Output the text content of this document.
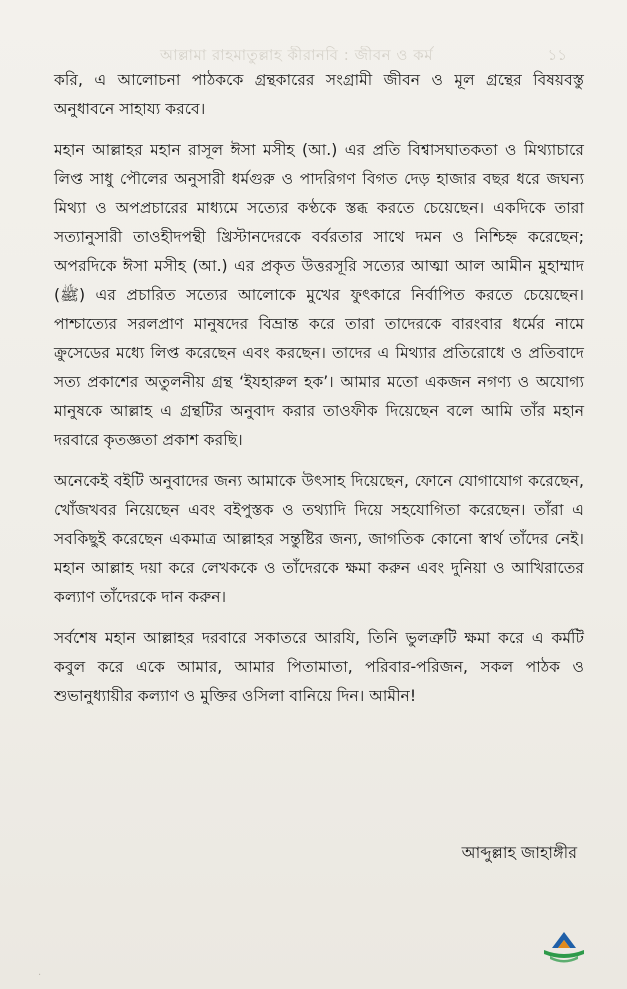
আল্লামা রাহমাতুল্লাহ কীরানবি : জীবন ও কর্ম	১১

করি, এ আলোচনা পাঠককে গ্রন্থকারের সংগ্রামী জীবন ও মূল গ্রন্থের বিষয়বস্তু অনুধাবনে সাহায্য করবে।

মহান আল্লাহর মহান রাসূল ঈসা মসীহ (আ.) এর প্রতি বিশ্বাসঘাতকতা ও মিথ্যাচারে লিপ্ত সাধু পৌলের অনুসারী ধর্মগুরু ও পাদরিগণ বিগত দেড় হাজার বছর ধরে জঘন্য মিথ্যা ও অপপ্রচারের মাধ্যমে সত্যের কণ্ঠকে স্তব্ধ করতে চেয়েছেন। একদিকে তারা সত্যানুসারী তাওহীদপন্থী খ্রিস্টানদেরকে বর্বরতার সাথে দমন ও নিশ্চিহ্ন করেছেন; অপরদিকে ঈসা মসীহ (আ.) এর প্রকৃত উত্তরসূরি সত্যের আত্মা আল আমীন মুহাম্মাদ (ﷺ) এর প্রচারিত সত্যের আলোকে মুখের ফুৎকারে নির্বাপিত করতে চেয়েছেন। পাশ্চাত্যের সরলপ্রাণ মানুষদের বিভ্রান্ত করে তারা তাদেরকে বারংবার ধর্মের নামে ক্রুসেডের মধ্যে লিপ্ত করেছেন এবং করছেন। তাদের এ মিথ্যার প্রতিরোধে ও প্রতিবাদে সত্য প্রকাশের অতুলনীয় গ্রন্থ ‘ইযহারুল হক’। আমার মতো একজন নগণ্য ও অযোগ্য মানুষকে আল্লাহ এ গ্রন্থটির অনুবাদ করার তাওফীক দিয়েছেন বলে আমি তাঁর মহান দরবারে কৃতজ্ঞতা প্রকাশ করছি।

অনেকেই বইটি অনুবাদের জন্য আমাকে উৎসাহ দিয়েছেন, ফোনে যোগাযোগ করেছেন, খোঁজখবর নিয়েছেন এবং বইপুস্তক ও তথ্যাদি দিয়ে সহযোগিতা করেছেন। তাঁরা এ সবকিছুই করেছেন একমাত্র আল্লাহর সন্তুষ্টির জন্য, জাগতিক কোনো স্বার্থ তাঁদের নেই। মহান আল্লাহ দয়া করে লেখককে ও তাঁদেরকে ক্ষমা করুন এবং দুনিয়া ও আখিরাতের কল্যাণ তাঁদেরকে দান করুন।

সর্বশেষ মহান আল্লাহর দরবারে সকাতরে আরযি, তিনি ভুলত্রুটি ক্ষমা করে এ কর্মটি কবুল করে একে আমার, আমার পিতামাতা, পরিবার-পরিজন, সকল পাঠক ও শুভানুধ্যায়ীর কল্যাণ ও মুক্তির ওসিলা বানিয়ে দিন। আমীন!

আব্দুল্লাহ জাহাঙ্গীর
·
